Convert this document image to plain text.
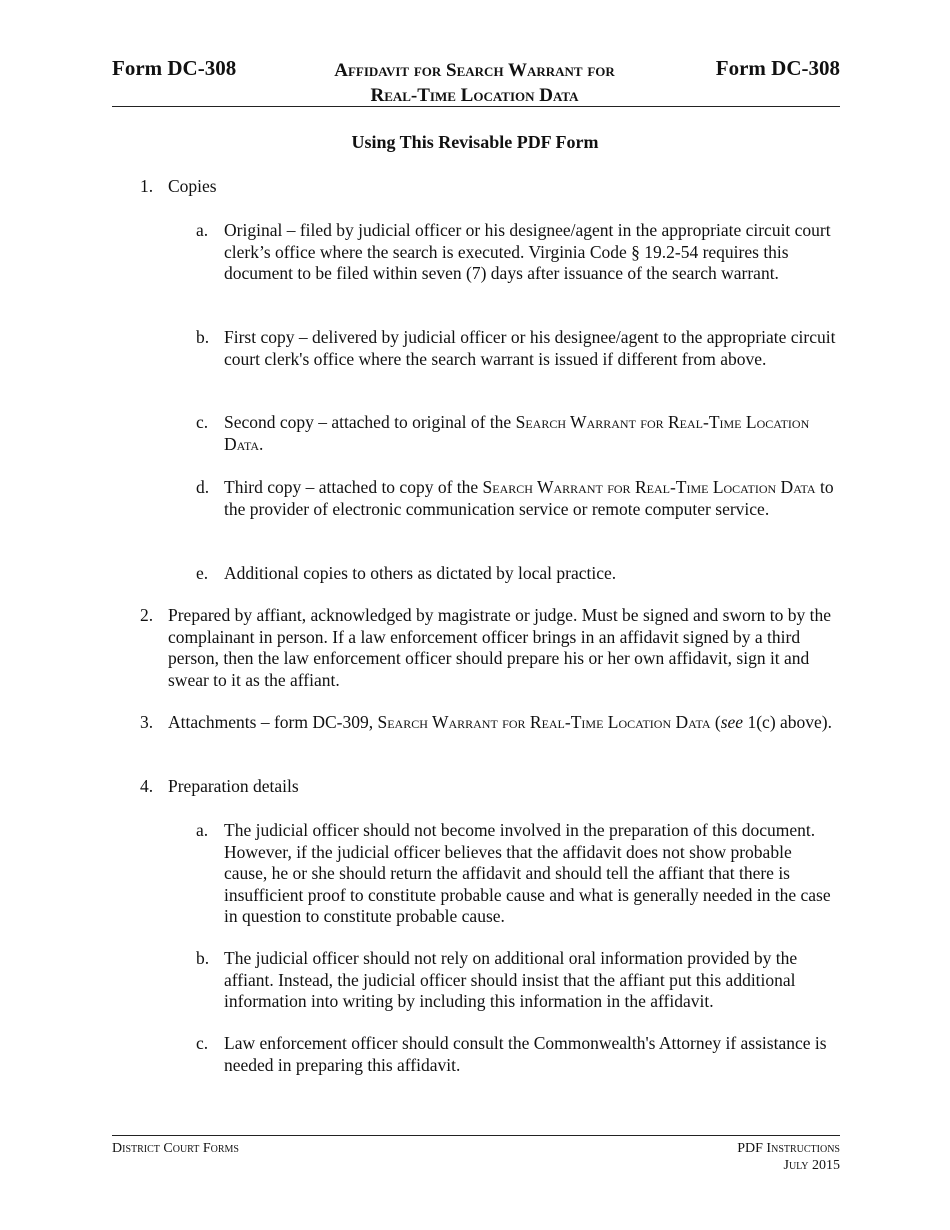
Form DC-308	Affidavit for Search Warrant for
Real-Time Location Data
Form DC-308
Using This Revisable PDF Form
1. Copies
a. Original – filed by judicial officer or his designee/agent in the appropriate circuit court clerk’s office where the search is executed. Virginia Code § 19.2-54 requires this document to be filed within seven (7) days after issuance of the search warrant.
b. First copy – delivered by judicial officer or his designee/agent to the appropriate circuit court clerk's office where the search warrant is issued if different from above.
c. Second copy – attached to original of the Search Warrant for Real-Time Location Data.
d. Third copy – attached to copy of the Search Warrant for Real-Time Location Data to the provider of electronic communication service or remote computer service.
e. Additional copies to others as dictated by local practice.
2. Prepared by affiant, acknowledged by magistrate or judge. Must be signed and sworn to by the complainant in person. If a law enforcement officer brings in an affidavit signed by a third person, then the law enforcement officer should prepare his or her own affidavit, sign it and swear to it as the affiant.
3. Attachments – form DC-309, Search Warrant for Real-Time Location Data (see 1(c) above).
4. Preparation details
a. The judicial officer should not become involved in the preparation of this document. However, if the judicial officer believes that the affidavit does not show probable cause, he or she should return the affidavit and should tell the affiant that there is insufficient proof to constitute probable cause and what is generally needed in the case in question to constitute probable cause.
b. The judicial officer should not rely on additional oral information provided by the affiant. Instead, the judicial officer should insist that the affiant put this additional information into writing by including this information in the affidavit.
c. Law enforcement officer should consult the Commonwealth's Attorney if assistance is needed in preparing this affidavit.
District Court Forms	PDF Instructions
July 2015
